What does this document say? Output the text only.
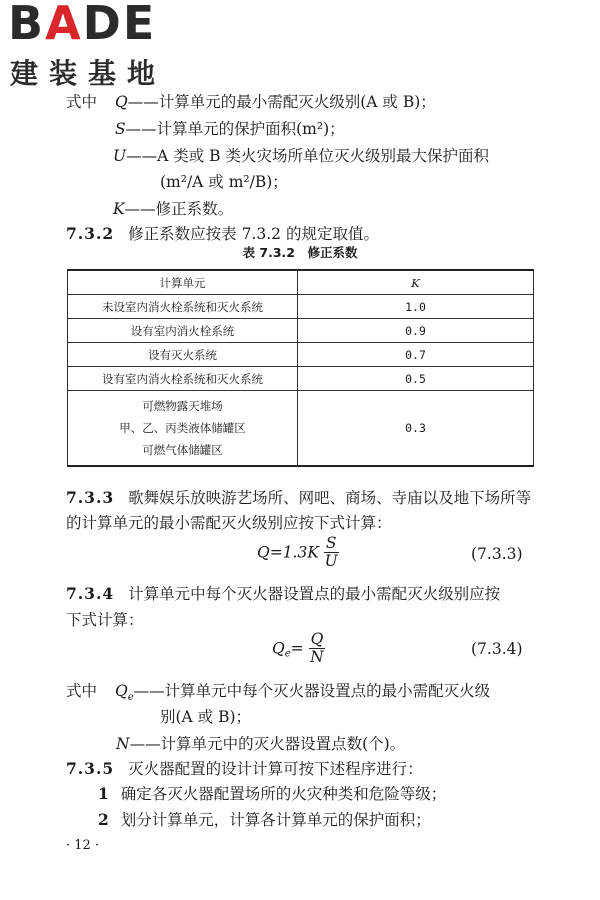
BADE
建装基地
式中 Q——计算单元的最小需配灭火级别(A 或 B)；
S——计算单元的保护面积(m²)；
U——A 类或 B 类火灾场所单位灭火级别最大保护面积
(m²/A 或 m²/B)；
K——修正系数。
7.3.2 修正系数应按表 7.3.2 的规定取值。
表 7.3.2　修正系数
计算单元	K
未设室内消火栓系统和灭火系统	1.0
设有室内消火栓系统	0.9
设有灭火系统	0.7
设有室内消火栓系统和灭火系统	0.5

可燃物露天堆场
甲、乙、丙类液体储罐区
可燃气体储罐区	0.3
7.3.3 歌舞娱乐放映游艺场所、网吧、商场、寺庙以及地下场所等
的计算单元的最小需配灭火级别应按下式计算：
$Q=1.3K \frac{S}{U}$	(7.3.3)
7.3.4 计算单元中每个灭火器设置点的最小需配灭火级别应按
下式计算：
$Q_e= \frac{Q}{N}$	(7.3.4)
式中 $Q_e——$计算单元中每个灭火器设置点的最小需配灭火级
别(A 或 B)；
N——计算单元中的灭火器设置点数(个)。
7.3.5 灭火器配置的设计计算可按下述程序进行：
1 确定各灭火器配置场所的火灾种类和危险等级；
2 划分计算单元，计算各计算单元的保护面积；
· 12 ·
